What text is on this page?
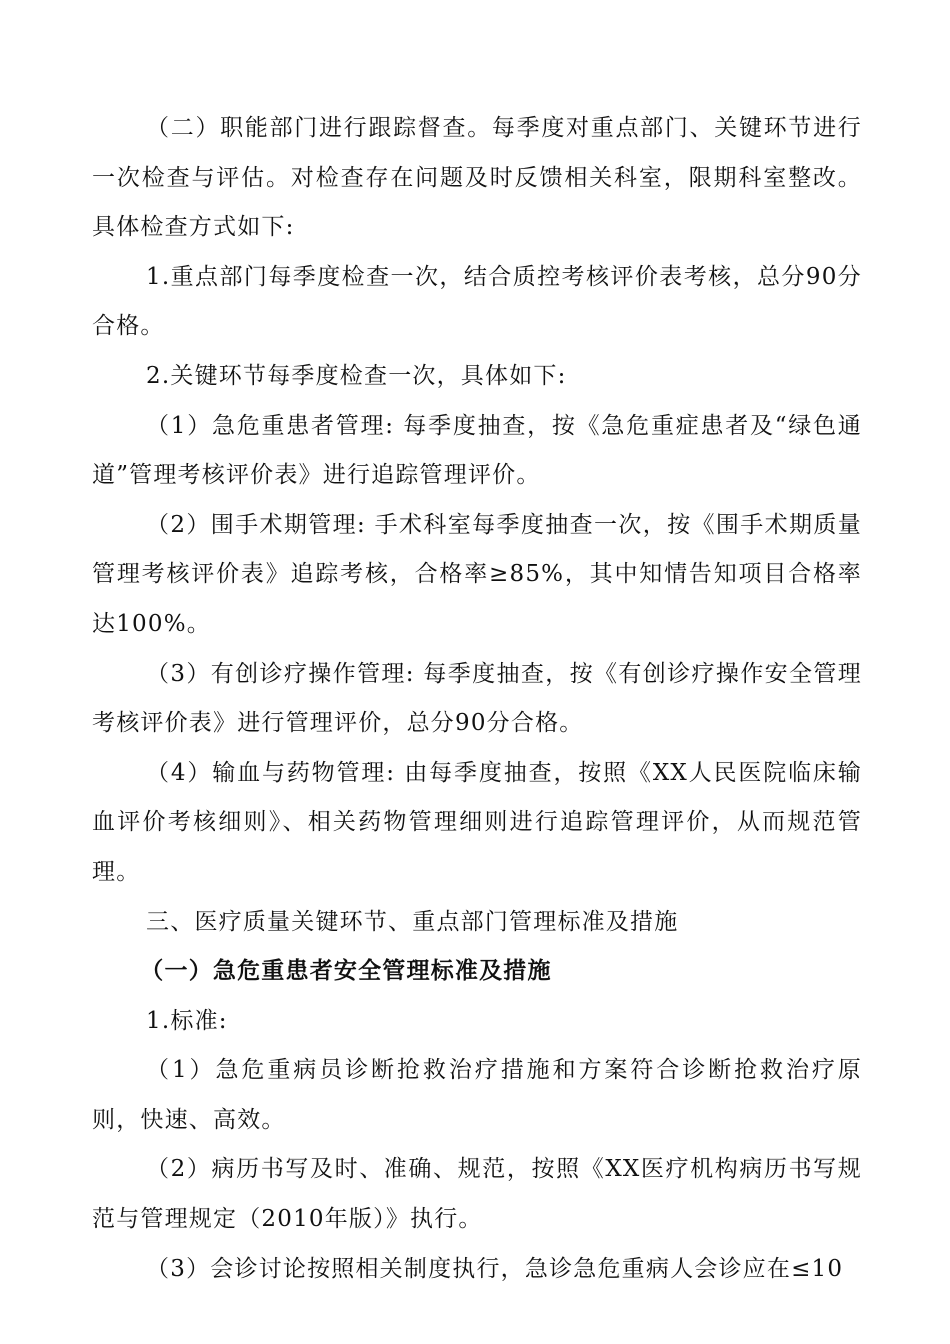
（二）职能部门进行跟踪督查。每季度对重点部门、关键环节进行一次检查与评估。对检查存在问题及时反馈相关科室，限期科室整改。具体检查方式如下:

1.重点部门每季度检查一次，结合质控考核评价表考核，总分90分合格。

2.关键环节每季度检查一次，具体如下:

（1）急危重患者管理: 每季度抽查，按《急危重症患者及“绿色通道”管理考核评价表》进行追踪管理评价。

（2）围手术期管理: 手术科室每季度抽查一次，按《围手术期质量管理考核评价表》追踪考核，合格率≥85%，其中知情告知项目合格率达100%。

（3）有创诊疗操作管理: 每季度抽查，按《有创诊疗操作安全管理考核评价表》进行管理评价，总分90分合格。

（4）输血与药物管理: 由每季度抽查，按照《XX人民医院临床输血评价考核细则》、相关药物管理细则进行追踪管理评价，从而规范管理。

三、医疗质量关键环节、重点部门管理标准及措施

（一）急危重患者安全管理标准及措施

1.标准:

（1）急危重病员诊断抢救治疗措施和方案符合诊断抢救治疗原则，快速、高效。

（2）病历书写及时、准确、规范，按照《XX医疗机构病历书写规范与管理规定（2010年版）》执行。

（3）会诊讨论按照相关制度执行，急诊急危重病人会诊应在≤10
